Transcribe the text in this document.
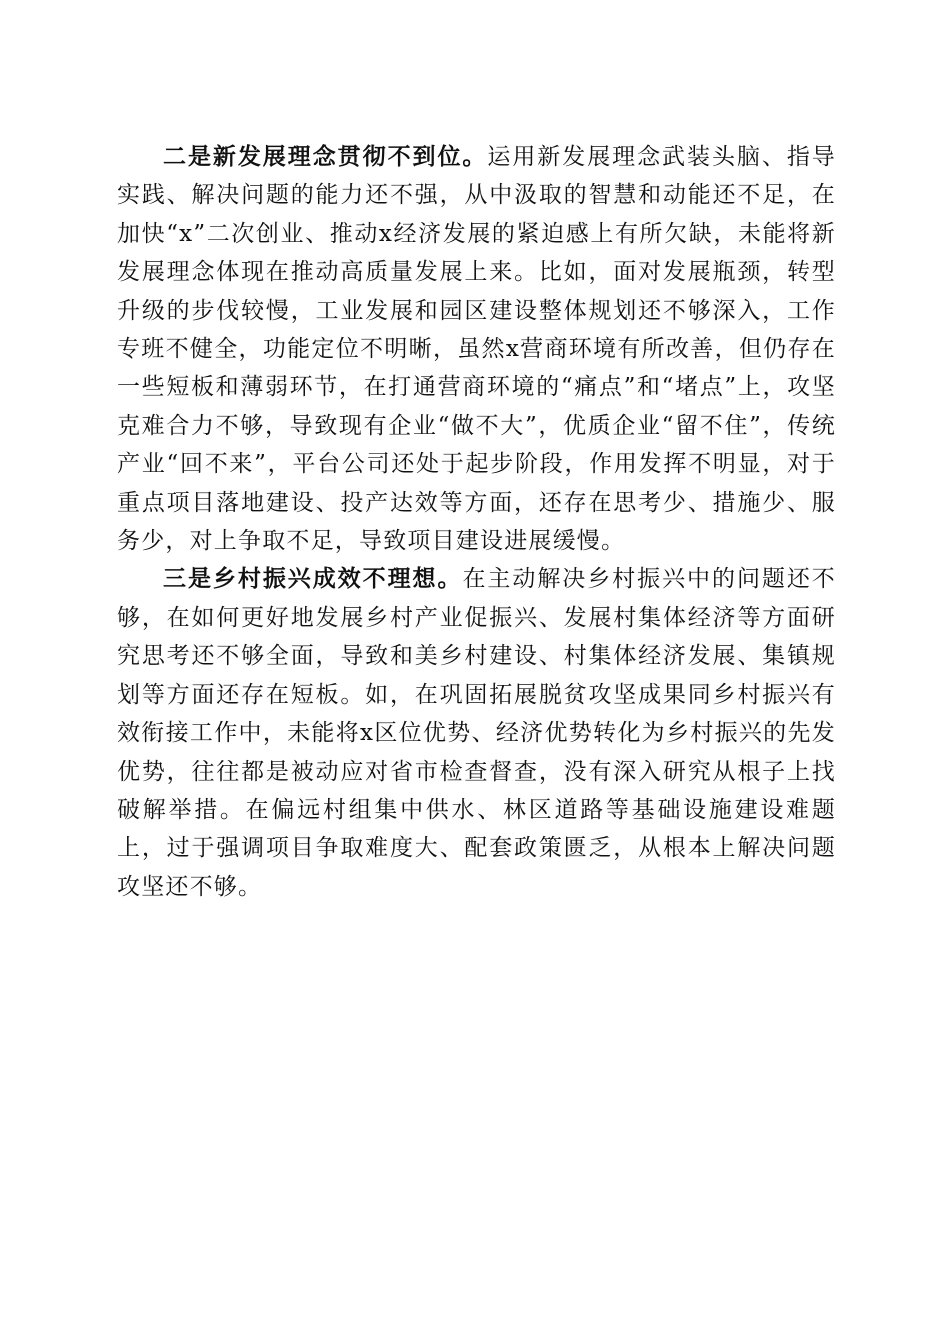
二是新发展理念贯彻不到位。运用新发展理念武装头脑、指导实践、解决问题的能力还不强，从中汲取的智慧和动能还不足，在加快“x”二次创业、推动x经济发展的紧迫感上有所欠缺，未能将新发展理念体现在推动高质量发展上来。比如，面对发展瓶颈，转型升级的步伐较慢，工业发展和园区建设整体规划还不够深入，工作专班不健全，功能定位不明晰，虽然x营商环境有所改善，但仍存在一些短板和薄弱环节，在打通营商环境的“痛点”和“堵点”上，攻坚克难合力不够，导致现有企业“做不大”，优质企业“留不住”，传统产业“回不来”，平台公司还处于起步阶段，作用发挥不明显，对于重点项目落地建设、投产达效等方面，还存在思考少、措施少、服务少，对上争取不足，导致项目建设进展缓慢。

三是乡村振兴成效不理想。在主动解决乡村振兴中的问题还不够，在如何更好地发展乡村产业促振兴、发展村集体经济等方面研究思考还不够全面，导致和美乡村建设、村集体经济发展、集镇规划等方面还存在短板。如，在巩固拓展脱贫攻坚成果同乡村振兴有效衔接工作中，未能将x区位优势、经济优势转化为乡村振兴的先发优势，往往都是被动应对省市检查督查，没有深入研究从根子上找破解举措。在偏远村组集中供水、林区道路等基础设施建设难题上，过于强调项目争取难度大、配套政策匮乏，从根本上解决问题攻坚还不够。
